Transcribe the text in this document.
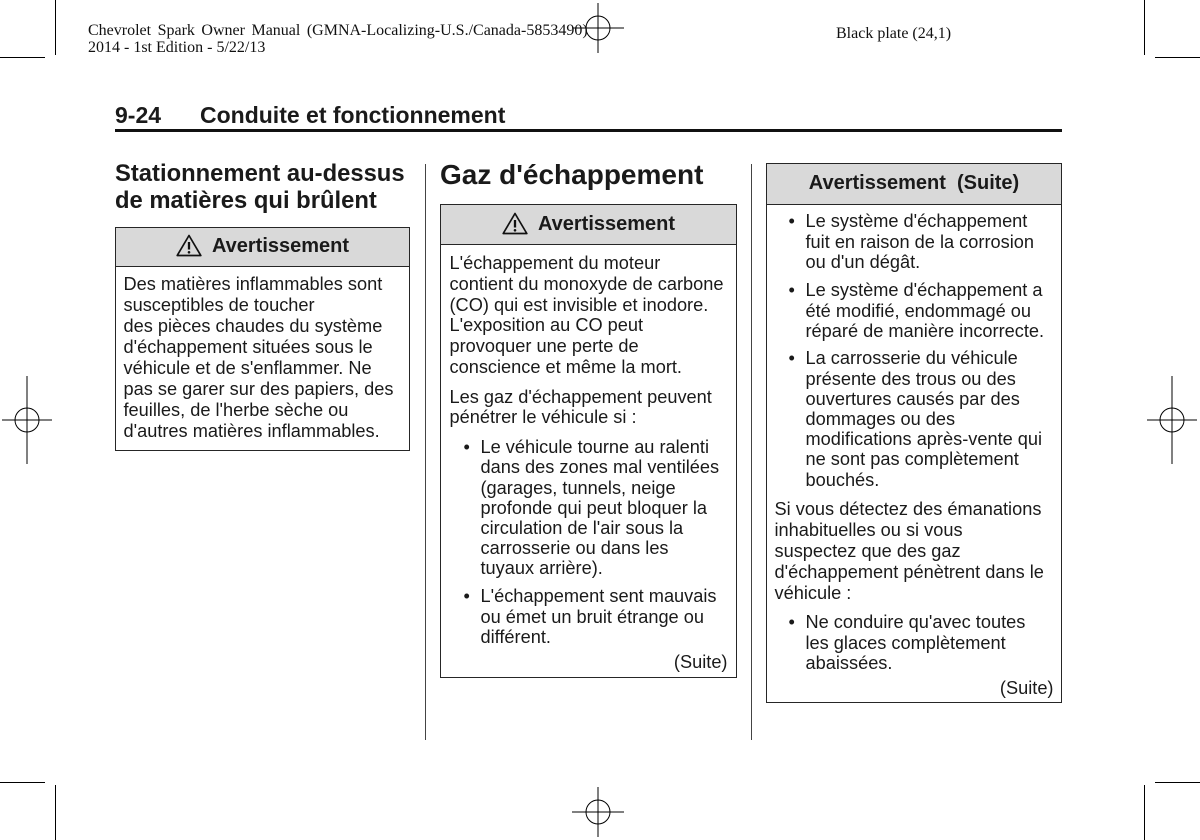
Chevrolet Spark Owner Manual (GMNA-Localizing-U.S./Canada-5853490)
2014 - 1st Edition - 5/22/13
Black plate (24,1)
9-24 Conduite et fonctionnement
Stationnement au-dessus
de matières qui brûlent
Avertissement
Des matières inflammables sont
susceptibles de toucher
des pièces chaudes du système
d'échappement situées sous le
véhicule et de s'enflammer. Ne
pas se garer sur des papiers, des
feuilles, de l'herbe sèche ou
d'autres matières inflammables.
Gaz d'échappement
Avertissement
L'échappement du moteur
contient du monoxyde de carbone
(CO) qui est invisible et inodore.
L'exposition au CO peut
provoquer une perte de
conscience et même la mort.
Les gaz d'échappement peuvent
pénétrer le véhicule si :
• Le véhicule tourne au ralenti
dans des zones mal ventilées
(garages, tunnels, neige
profonde qui peut bloquer la
circulation de l'air sous la
carrosserie ou dans les
tuyaux arrière).
• L'échappement sent mauvais
ou émet un bruit étrange ou
différent.
(Suite)
Avertissement  (Suite)
• Le système d'échappement
fuit en raison de la corrosion
ou d'un dégât.
• Le système d'échappement a
été modifié, endommagé ou
réparé de manière incorrecte.
• La carrosserie du véhicule
présente des trous ou des
ouvertures causés par des
dommages ou des
modifications après-vente qui
ne sont pas complètement
bouchés.
Si vous détectez des émanations
inhabituelles ou si vous
suspectez que des gaz
d'échappement pénètrent dans le
véhicule :
• Ne conduire qu'avec toutes
les glaces complètement
abaissées.
(Suite)
